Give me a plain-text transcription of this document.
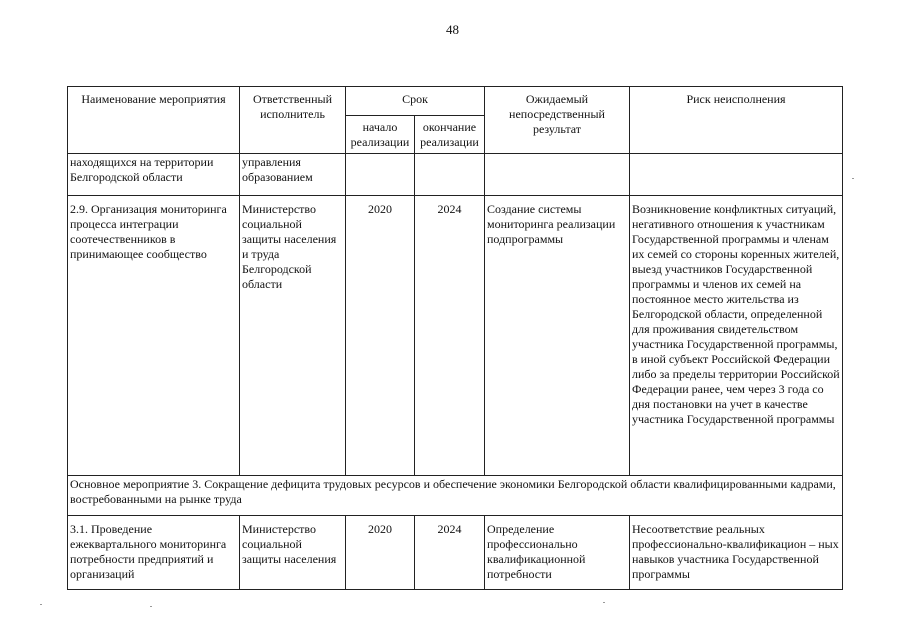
48
Наименование мероприятия	Ответственный исполнитель	Срок		Ожидаемый непосредственный результат	Риск неисполнения
		начало реализации	окончание реализации		
находящихся на территории Белгородской области	управления образованием				
2.9. Организация мониторинга процесса интеграции соотечественников в принимающее сообщество	Министерство социальной защиты населения и труда Белгородской области	2020	2024	Создание системы мониторинга реализации подпрограммы	Возникновение конфликтных ситуаций, негативного отношения к участникам Государственной программы и членам их семей со стороны коренных жителей, выезд участников Государственной программы и членов их семей на постоянное место жительства из Белгородской области, определенной для проживания свидетельством участника Государственной программы, в иной субъект Российской Федерации либо за пределы территории Российской Федерации ранее, чем через 3 года со дня постановки на учет в качестве участника Государственной программы
Основное мероприятие 3. Сокращение дефицита трудовых ресурсов и обеспечение экономики Белгородской области квалифицированными кадрами, востребованными на рынке труда					
3.1. Проведение ежеквартального мониторинга потребности предприятий и организаций	Министерство социальной защиты населения	2020	2024	Определение профессионально квалификационной потребности	Несоответствие реальных профессионально-квалификацион – ных навыков участника Государственной программы
